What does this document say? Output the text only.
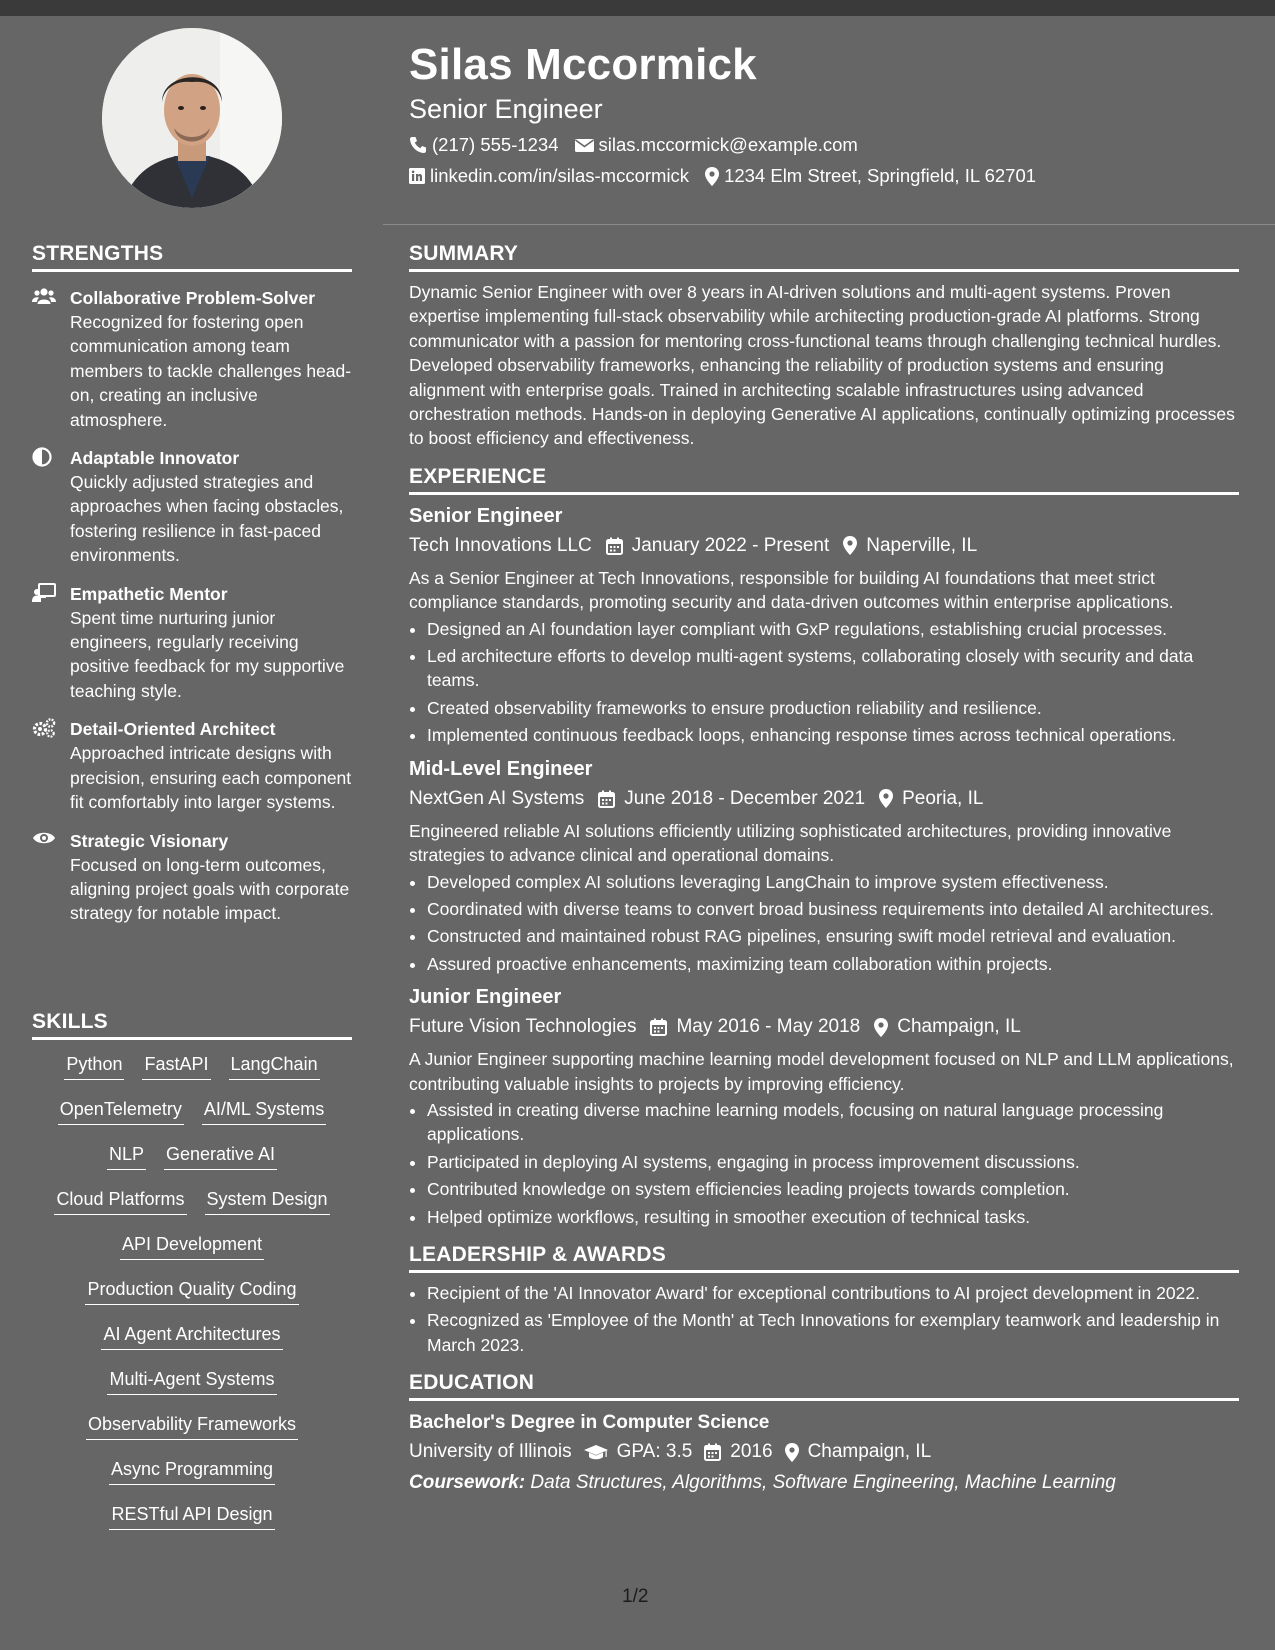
STRENGTHS
Collaborative Problem-Solver
Recognized for fostering open communication among team members to tackle challenges head-on, creating an inclusive atmosphere.
Adaptable Innovator
Quickly adjusted strategies and approaches when facing obstacles, fostering resilience in fast-paced environments.
Empathetic Mentor
Spent time nurturing junior engineers, regularly receiving positive feedback for my supportive teaching style.
Detail-Oriented Architect
Approached intricate designs with precision, ensuring each component fit comfortably into larger systems.
Strategic Visionary
Focused on long-term outcomes, aligning project goals with corporate strategy for notable impact.
SKILLS
Python FastAPI LangChain
OpenTelemetry AI/ML Systems
NLP Generative AI
Cloud Platforms System Design
API Development
Production Quality Coding
AI Agent Architectures
Multi-Agent Systems
Observability Frameworks
Async Programming
RESTful API Design
Silas Mccormick
Senior Engineer
(217) 555-1234 silas.mccormick@example.com
linkedin.com/in/silas-mccormick 1234 Elm Street, Springfield, IL 62701
SUMMARY
Dynamic Senior Engineer with over 8 years in AI-driven solutions and multi-agent systems. Proven expertise implementing full-stack observability while architecting production-grade AI platforms. Strong communicator with a passion for mentoring cross-functional teams through challenging technical hurdles. Developed observability frameworks, enhancing the reliability of production systems and ensuring alignment with enterprise goals. Trained in architecting scalable infrastructures using advanced orchestration methods. Hands-on in deploying Generative AI applications, continually optimizing processes to boost efficiency and effectiveness.
EXPERIENCE
Senior Engineer
Tech Innovations LLC January 2022 - Present Naperville, IL
As a Senior Engineer at Tech Innovations, responsible for building AI foundations that meet strict compliance standards, promoting security and data-driven outcomes within enterprise applications.
• Designed an AI foundation layer compliant with GxP regulations, establishing crucial processes.
• Led architecture efforts to develop multi-agent systems, collaborating closely with security and data teams.
• Created observability frameworks to ensure production reliability and resilience.
• Implemented continuous feedback loops, enhancing response times across technical operations.
Mid-Level Engineer
NextGen AI Systems June 2018 - December 2021 Peoria, IL
Engineered reliable AI solutions efficiently utilizing sophisticated architectures, providing innovative strategies to advance clinical and operational domains.
• Developed complex AI solutions leveraging LangChain to improve system effectiveness.
• Coordinated with diverse teams to convert broad business requirements into detailed AI architectures.
• Constructed and maintained robust RAG pipelines, ensuring swift model retrieval and evaluation.
• Assured proactive enhancements, maximizing team collaboration within projects.
Junior Engineer
Future Vision Technologies May 2016 - May 2018 Champaign, IL
A Junior Engineer supporting machine learning model development focused on NLP and LLM applications, contributing valuable insights to projects by improving efficiency.
• Assisted in creating diverse machine learning models, focusing on natural language processing applications.
• Participated in deploying AI systems, engaging in process improvement discussions.
• Contributed knowledge on system efficiencies leading projects towards completion.
• Helped optimize workflows, resulting in smoother execution of technical tasks.
LEADERSHIP & AWARDS
• Recipient of the 'AI Innovator Award' for exceptional contributions to AI project development in 2022.
• Recognized as 'Employee of the Month' at Tech Innovations for exemplary teamwork and leadership in March 2023.
EDUCATION
Bachelor's Degree in Computer Science
University of Illinois GPA: 3.5 2016 Champaign, IL
Coursework: Data Structures, Algorithms, Software Engineering, Machine Learning
1/2
